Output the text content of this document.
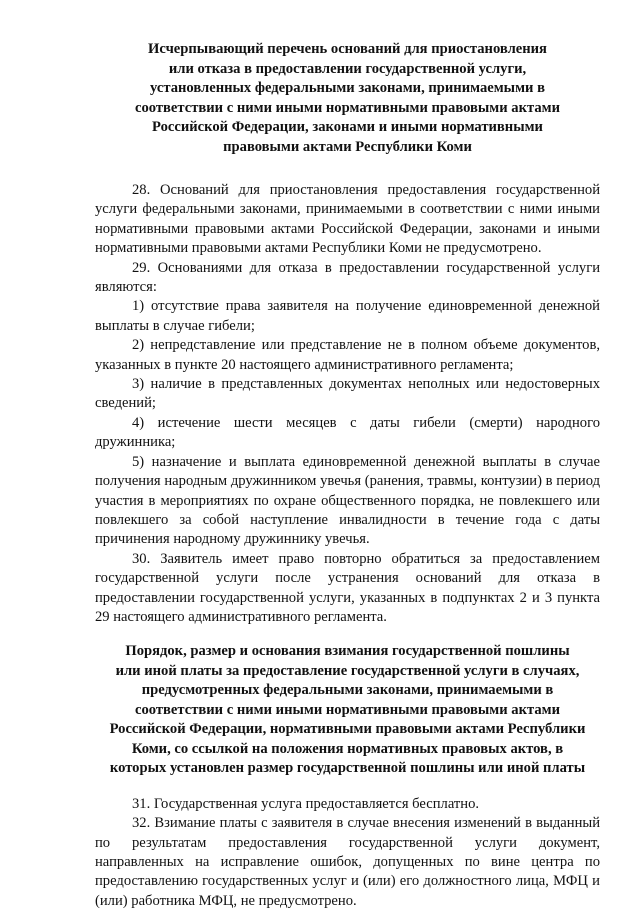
Исчерпывающий перечень оснований для приостановления
или отказа в предоставлении государственной услуги,
установленных федеральными законами, принимаемыми в
соответствии с ними иными нормативными правовыми актами
Российской Федерации, законами и иными нормативными
правовыми актами Республики Коми

28. Оснований для приостановления предоставления государственной услуги федеральными законами, принимаемыми в соответствии с ними иными нормативными правовыми актами Российской Федерации, законами и иными нормативными правовыми актами Республики Коми не предусмотрено.

29. Основаниями для отказа в предоставлении государственной услуги являются:

1) отсутствие права заявителя на получение единовременной денежной выплаты в случае гибели;

2) непредставление или представление не в полном объеме документов, указанных в пункте 20 настоящего административного регламента;

3) наличие в представленных документах неполных или недостоверных сведений;

4) истечение шести месяцев с даты гибели (смерти) народного дружинника;

5) назначение и выплата единовременной денежной выплаты в случае получения народным дружинником увечья (ранения, травмы, контузии) в период участия в мероприятиях по охране общественного порядка, не повлекшего или повлекшего за собой наступление инвалидности в течение года с даты причинения народному дружиннику увечья.

30. Заявитель имеет право повторно обратиться за предоставлением государственной услуги после устранения оснований для отказа в предоставлении государственной услуги, указанных в подпунктах 2 и 3 пункта 29 настоящего административного регламента.

Порядок, размер и основания взимания государственной пошлины
или иной платы за предоставление государственной услуги в случаях,
предусмотренных федеральными законами, принимаемыми в
соответствии с ними иными нормативными правовыми актами
Российской Федерации, нормативными правовыми актами Республики
Коми, со ссылкой на положения нормативных правовых актов, в
которых установлен размер государственной пошлины или иной платы

31. Государственная услуга предоставляется бесплатно.

32. Взимание платы с заявителя в случае внесения изменений в выданный по результатам предоставления государственной услуги документ, направленных на исправление ошибок, допущенных по вине центра по предоставлению государственных услуг и (или) его должностного лица, МФЦ и (или) работника МФЦ, не предусмотрено.
